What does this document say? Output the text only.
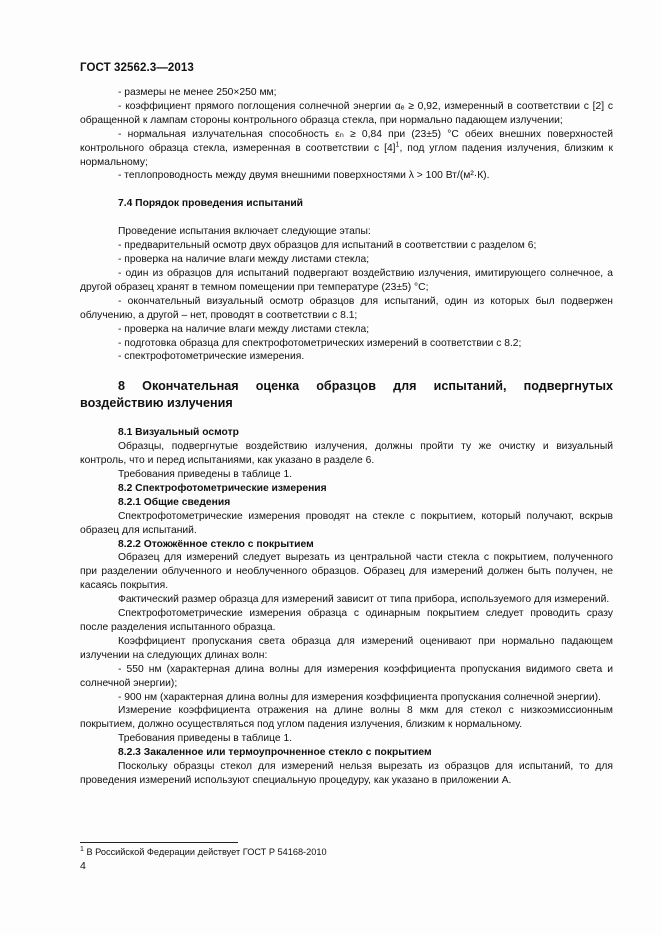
ГОСТ 32562.3—2013

- размеры не менее 250×250 мм;

- коэффициент прямого поглощения солнечной энергии αₑ ≥ 0,92, измеренный в соответствии с [2] с обращенной к лампам стороны контрольного образца стекла, при нормально падающем излучении;

- нормальная излучательная способность εₙ ≥ 0,84 при (23±5) °C обеих внешних поверхностей контрольного образца стекла, измеренная в соответствии с $[4]^1$, под углом падения излучения, близким к нормальному;

- теплопроводность между двумя внешними поверхностями λ > 100 Вт/(м²·К).

7.4 Порядок проведения испытаний

Проведение испытания включает следующие этапы:

- предварительный осмотр двух образцов для испытаний в соответствии с разделом 6;

- проверка на наличие влаги между листами стекла;

- один из образцов для испытаний подвергают воздействию излучения, имитирующего солнечное, а другой образец хранят в темном помещении при температуре (23±5) °C;

- окончательный визуальный осмотр образцов для испытаний, один из которых был подвержен облучению, а другой – нет, проводят в соответствии с 8.1;

- проверка на наличие влаги между листами стекла;

- подготовка образца для спектрофотометрических измерений в соответствии с 8.2;

- спектрофотометрические измерения.

8 Окончательная оценка образцов для испытаний, подвергнутых воздействию излучения

8.1 Визуальный осмотр

Образцы, подвергнутые воздействию излучения, должны пройти ту же очистку и визуальный контроль, что и перед испытаниями, как указано в разделе 6.

Требования приведены в таблице 1.

8.2 Спектрофотометрические измерения

8.2.1 Общие сведения

Спектрофотометрические измерения проводят на стекле с покрытием, который получают, вскрыв образец для испытаний.

8.2.2 Отожжённое стекло с покрытием

Образец для измерений следует вырезать из центральной части стекла с покрытием, полученного при разделении облученного и необлученного образцов. Образец для измерений должен быть получен, не касаясь покрытия.

Фактический размер образца для измерений зависит от типа прибора, используемого для измерений.

Спектрофотометрические измерения образца с одинарным покрытием следует проводить сразу после разделения испытанного образца.

Коэффициент пропускания света образца для измерений оценивают при нормально падающем излучении на следующих длинах волн:

- 550 нм (характерная длина волны для измерения коэффициента пропускания видимого света и солнечной энергии);

- 900 нм (характерная длина волны для измерения коэффициента пропускания солнечной энергии).

Измерение коэффициента отражения на длине волны 8 мкм для стекол с низкоэмиссионным покрытием, должно осуществляться под углом падения излучения, близким к нормальному.

Требования приведены в таблице 1.

8.2.3 Закаленное или термоупрочненное стекло с покрытием

Поскольку образцы стекол для измерений нельзя вырезать из образцов для испытаний, то для проведения измерений используют специальную процедуру, как указано в приложении А.

$^1$ В Российской Федерации действует ГОСТ Р 54168-2010
4
